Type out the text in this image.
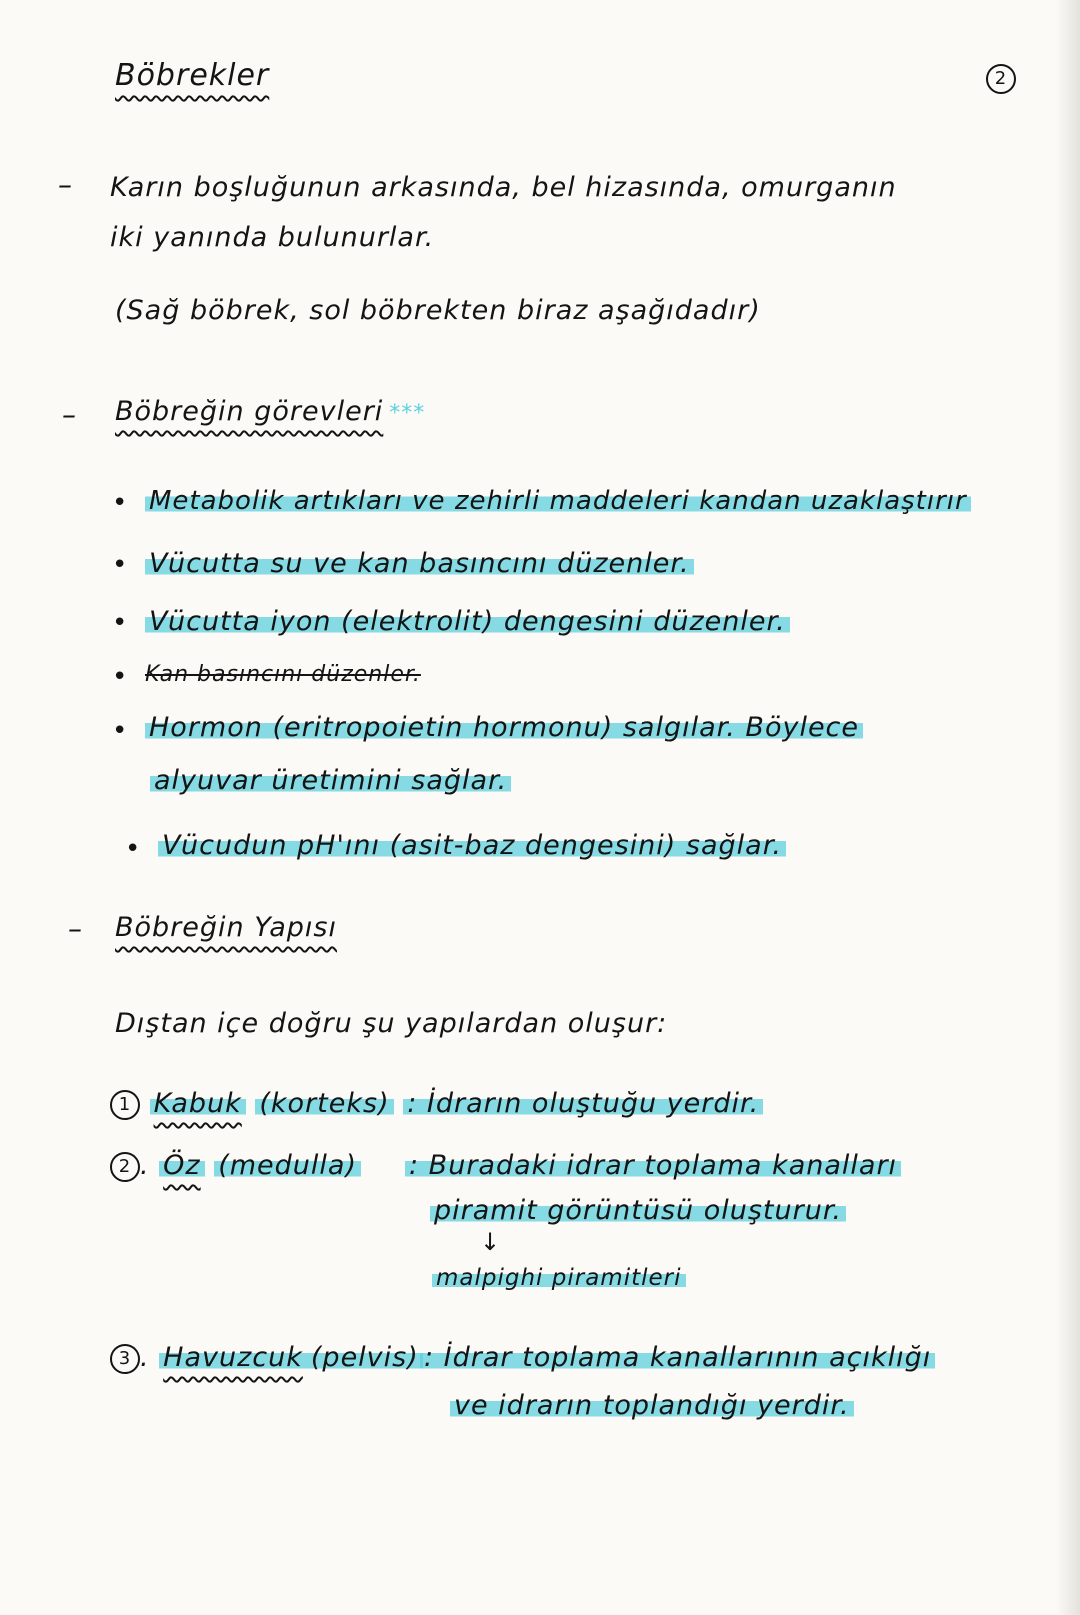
Böbrekler	2
– Karın boşluğunun arkasında, bel hizasında, omurganın
iki yanında bulunurlar.
(Sağ böbrek, sol böbrekten biraz aşağıdadır)
– Böbreğin görevleri ***
• Metabolik artıkları ve zehirli maddeleri kandan uzaklaştırır
• Vücutta su ve kan basıncını düzenler.
• Vücutta iyon (elektrolit) dengesini düzenler.
• Kan basıncını düzenler.
• Hormon (eritropoietin hormonu) salgılar. Böylece
alyuvar üretimini sağlar.
• Vücudun pH'ını (asit-baz dengesini) sağlar.
– Böbreğin Yapısı
Dıştan içe doğru şu yapılardan oluşur:
1 Kabuk (korteks) : İdrarın oluştuğu yerdir.
2 . Öz (medulla) : Buradaki idrar toplama kanalları
piramit görüntüsü oluşturur.
↓
malpighi piramitleri
3 . Havuzcuk (pelvis) : İdrar toplama kanallarının açıklığı
ve idrarın toplandığı yerdir.
